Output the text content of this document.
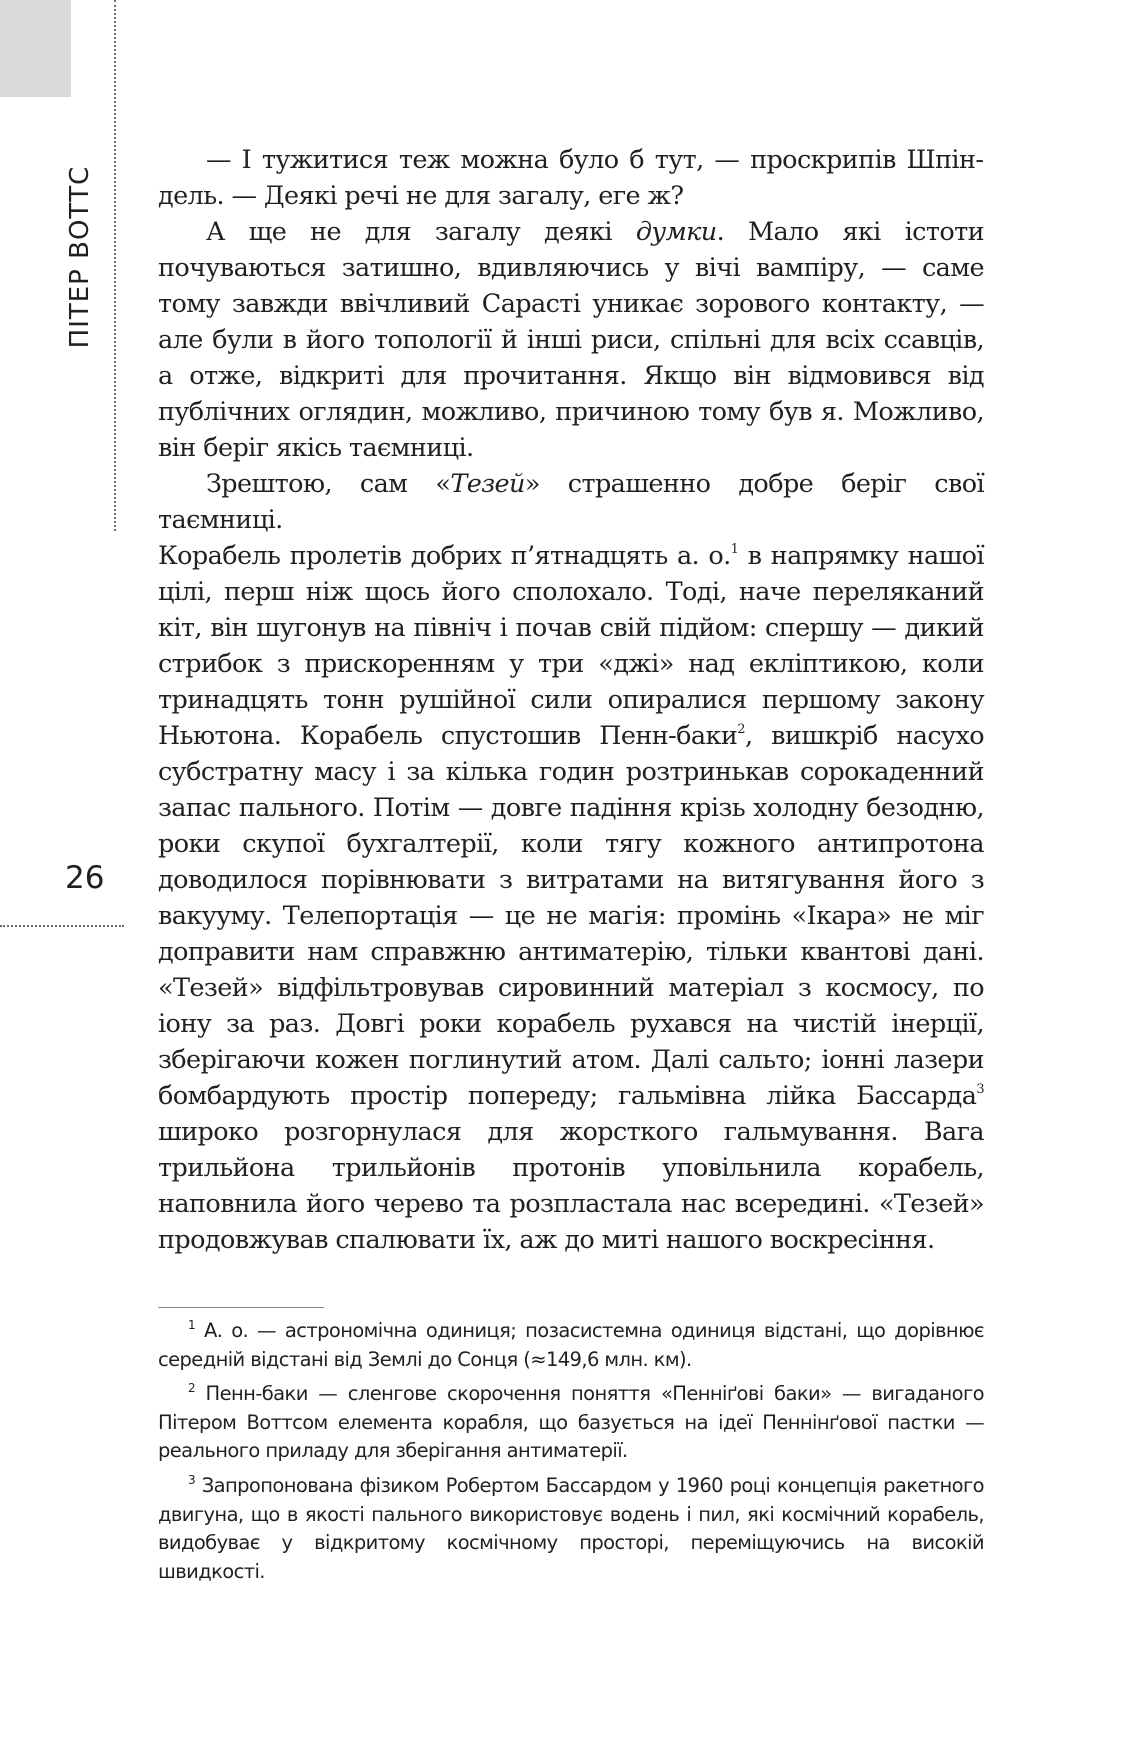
ПІТЕР ВОТТС
26

— І тужитися теж можна було б тут, — проскрипів Шпіндель. — Деякі речі не для загалу, еге ж?

А ще не для загалу деякі думки. Мало які істоти почуваються затишно, вдивляючись у вічі вампіру, — саме тому завжди ввічливий Сарасті уникає зорового контакту, — але були в його топології й інші риси, спільні для всіх ссавців, а отже, відкриті для прочитання. Якщо він відмовився від публічних оглядин, можливо, причиною тому був я. Можливо, він беріг якісь таємниці.

Зрештою, сам «Тезей» страшенно добре беріг свої таємниці.

Корабель пролетів добрих п’ятнадцять а. о.$^1$ в напрямку нашої цілі, перш ніж щось його сполохало. Тоді, наче переляканий кіт, він шугонув на північ і почав свій підйом: спершу — дикий стрибок з прискоренням у три «джі» над екліптикою, коли тринадцять тонн рушійної сили опиралися першому закону Ньютона. Корабель спустошив Пенн-баки$^2$, вишкріб насухо субстратну масу і за кілька годин розтринькав сорокаденний запас пального. Потім — довге падіння крізь холодну безодню, роки скупої бухгалтерії, коли тягу кожного антипротона доводилося порівнювати з витратами на витягування його з вакууму. Телепортація — це не магія: промінь «Ікара» не міг доправити нам справжню антиматерію, тільки квантові дані. «Тезей» відфільтровував сировинний матеріал з космосу, по іону за раз. Довгі роки корабель рухався на чистій інерції, зберігаючи кожен поглинутий атом. Далі сальто; іонні лазери бомбардують простір попереду; гальмівна лійка Бассарда$^3$ широко розгорнулася для жорсткого гальмування. Вага трильйона трильйонів протонів уповільнила корабель, наповнила його черево та розпластала нас всередині. «Тезей» продовжував спалювати їх, аж до миті нашого воскресіння.

$^1$ А. о. — астрономічна одиниця; позасистемна одиниця відстані, що дорівнює середній відстані від Землі до Сонця (≈149,6 млн. км).

$^2$ Пенн-баки — сленгове скорочення поняття «Пенніґові баки» — вигаданого Пітером Воттсом елемента корабля, що базується на ідеї Пеннінґової пастки — реального приладу для зберігання антиматерії.

$^3$ Запропонована фізиком Робертом Бассардом у 1960 році концепція ракетного двигуна, що в якості пального використовує водень і пил, які космічний корабель, видобуває у відкритому космічному просторі, переміщуючись на високій швидкості.
